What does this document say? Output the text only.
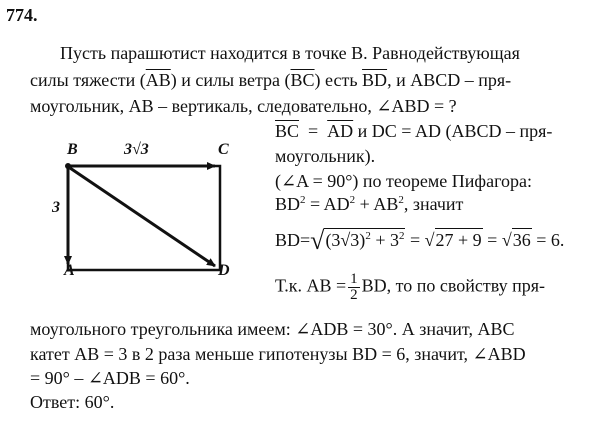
774.
Пусть парашютист находится в точке B. Равнодействующая
силы тяжести $(\overline{AB})$ и силы ветра $(\overline{BC})$ есть $\overline{BD}$, и ABCD – пря-
моугольник, AB – вертикаль, следовательно, ∠ABD = ?
B	C
A	D
3√3
3
$\overline{BC} = \overline{AD}$ и DC = AD (ABCD – пря-
моугольник).
(∠A = 90°) по теореме Пифагора:
$BD^2 = AD^2 + AB^2$, значит
$BD=√(3√3)^2 + 3^2 = √27 + 9 = √36 = 6$.
Т.к. AB = $\frac{1}{2}$ BD, то по свойству пря-
моугольного треугольника имеем: ∠ADB = 30°. А значит, ABC
катет AB = 3 в 2 раза меньше гипотенузы BD = 6, значит, ∠ABD
= 90° – ∠ADB = 60°.
Ответ: 60°.
